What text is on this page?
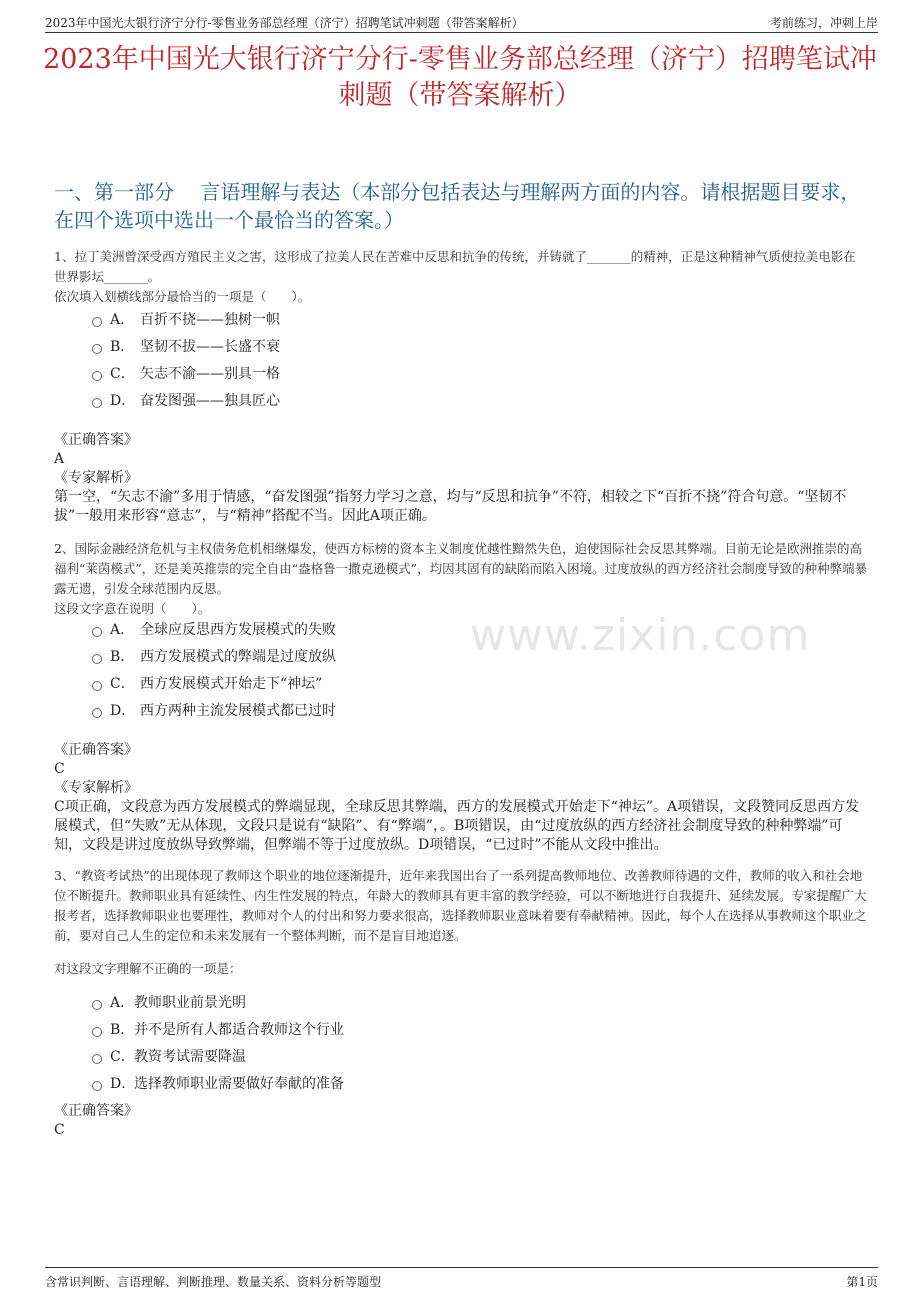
2023年中国光大银行济宁分行-零售业务部总经理（济宁）招聘笔试冲刺题（带答案解析）	考前练习，冲刺上岸
2023年中国光大银行济宁分行-零售业务部总经理（济宁）招聘笔试冲刺题（带答案解析）
一、第一部分　 言语理解与表达（本部分包括表达与理解两方面的内容。请根据题目要求，在四个选项中选出一个最恰当的答案。）
www.zixin.com

1、拉丁美洲曾深受西方殖民主义之害，这形成了拉美人民在苦难中反思和抗争的传统，并铸就了_______的精神，正是这种精神气质使拉美电影在世界影坛_______。

依次填入划横线部分最恰当的一项是（　　）。

A． 百折不挠——独树一帜
B． 坚韧不拔——长盛不衰
C． 矢志不渝——别具一格
D． 奋发图强——独具匠心

《正确答案》

A

《专家解析》

第一空，“矢志不渝”多用于情感，“奋发图强”指努力学习之意，均与“反思和抗争”不符，相较之下“百折不挠”符合句意。“坚韧不拔”一般用来形容“意志”，与“精神”搭配不当。因此A项正确。

2、国际金融经济危机与主权债务危机相继爆发，使西方标榜的资本主义制度优越性黯然失色，迫使国际社会反思其弊端。目前无论是欧洲推崇的高福利“莱茵模式”，还是美英推崇的完全自由“盎格鲁一撒克逊模式”，均因其固有的缺陷而陷入困境。过度放纵的西方经济社会制度导致的种种弊端暴露无遗，引发全球范围内反思。

这段文字意在说明（　　）。

A． 全球应反思西方发展模式的失败
B． 西方发展模式的弊端是过度放纵
C． 西方发展模式开始走下“神坛”
D． 西方两种主流发展模式都已过时

《正确答案》

C

《专家解析》

C项正确，文段意为西方发展模式的弊端显现，全球反思其弊端，西方的发展模式开始走下“神坛”。A项错误，文段赞同反思西方发展模式，但“失败”无从体现，文段只是说有“缺陷”、有“弊端”，。B项错误，由“过度放纵的西方经济社会制度导致的种种弊端”可知，文段是讲过度放纵导致弊端，但弊端不等于过度放纵。D项错误，“已过时”不能从文段中推出。

3、“教资考试热”的出现体现了教师这个职业的地位逐渐提升，近年来我国出台了一系列提高教师地位、改善教师待遇的文件，教师的收入和社会地位不断提升。教师职业具有延续性、内生性发展的特点，年龄大的教师具有更丰富的教学经验，可以不断地进行自我提升、延续发展。专家提醒广大报考者，选择教师职业也要理性，教师对个人的付出和努力要求很高，选择教师职业意味着要有奉献精神。因此，每个人在选择从事教师这个职业之前，要对自己人生的定位和未来发展有一个整体判断，而不是盲目地追逐。

对这段文字理解不正确的一项是：

A． 教师职业前景光明
B． 并不是所有人都适合教师这个行业
C． 教资考试需要降温
D．
选择教师职业需要做好奉献的准备

《正确答案》

C

含常识判断、言语理解、判断推理、数量关系、资料分析等题型	第1页
